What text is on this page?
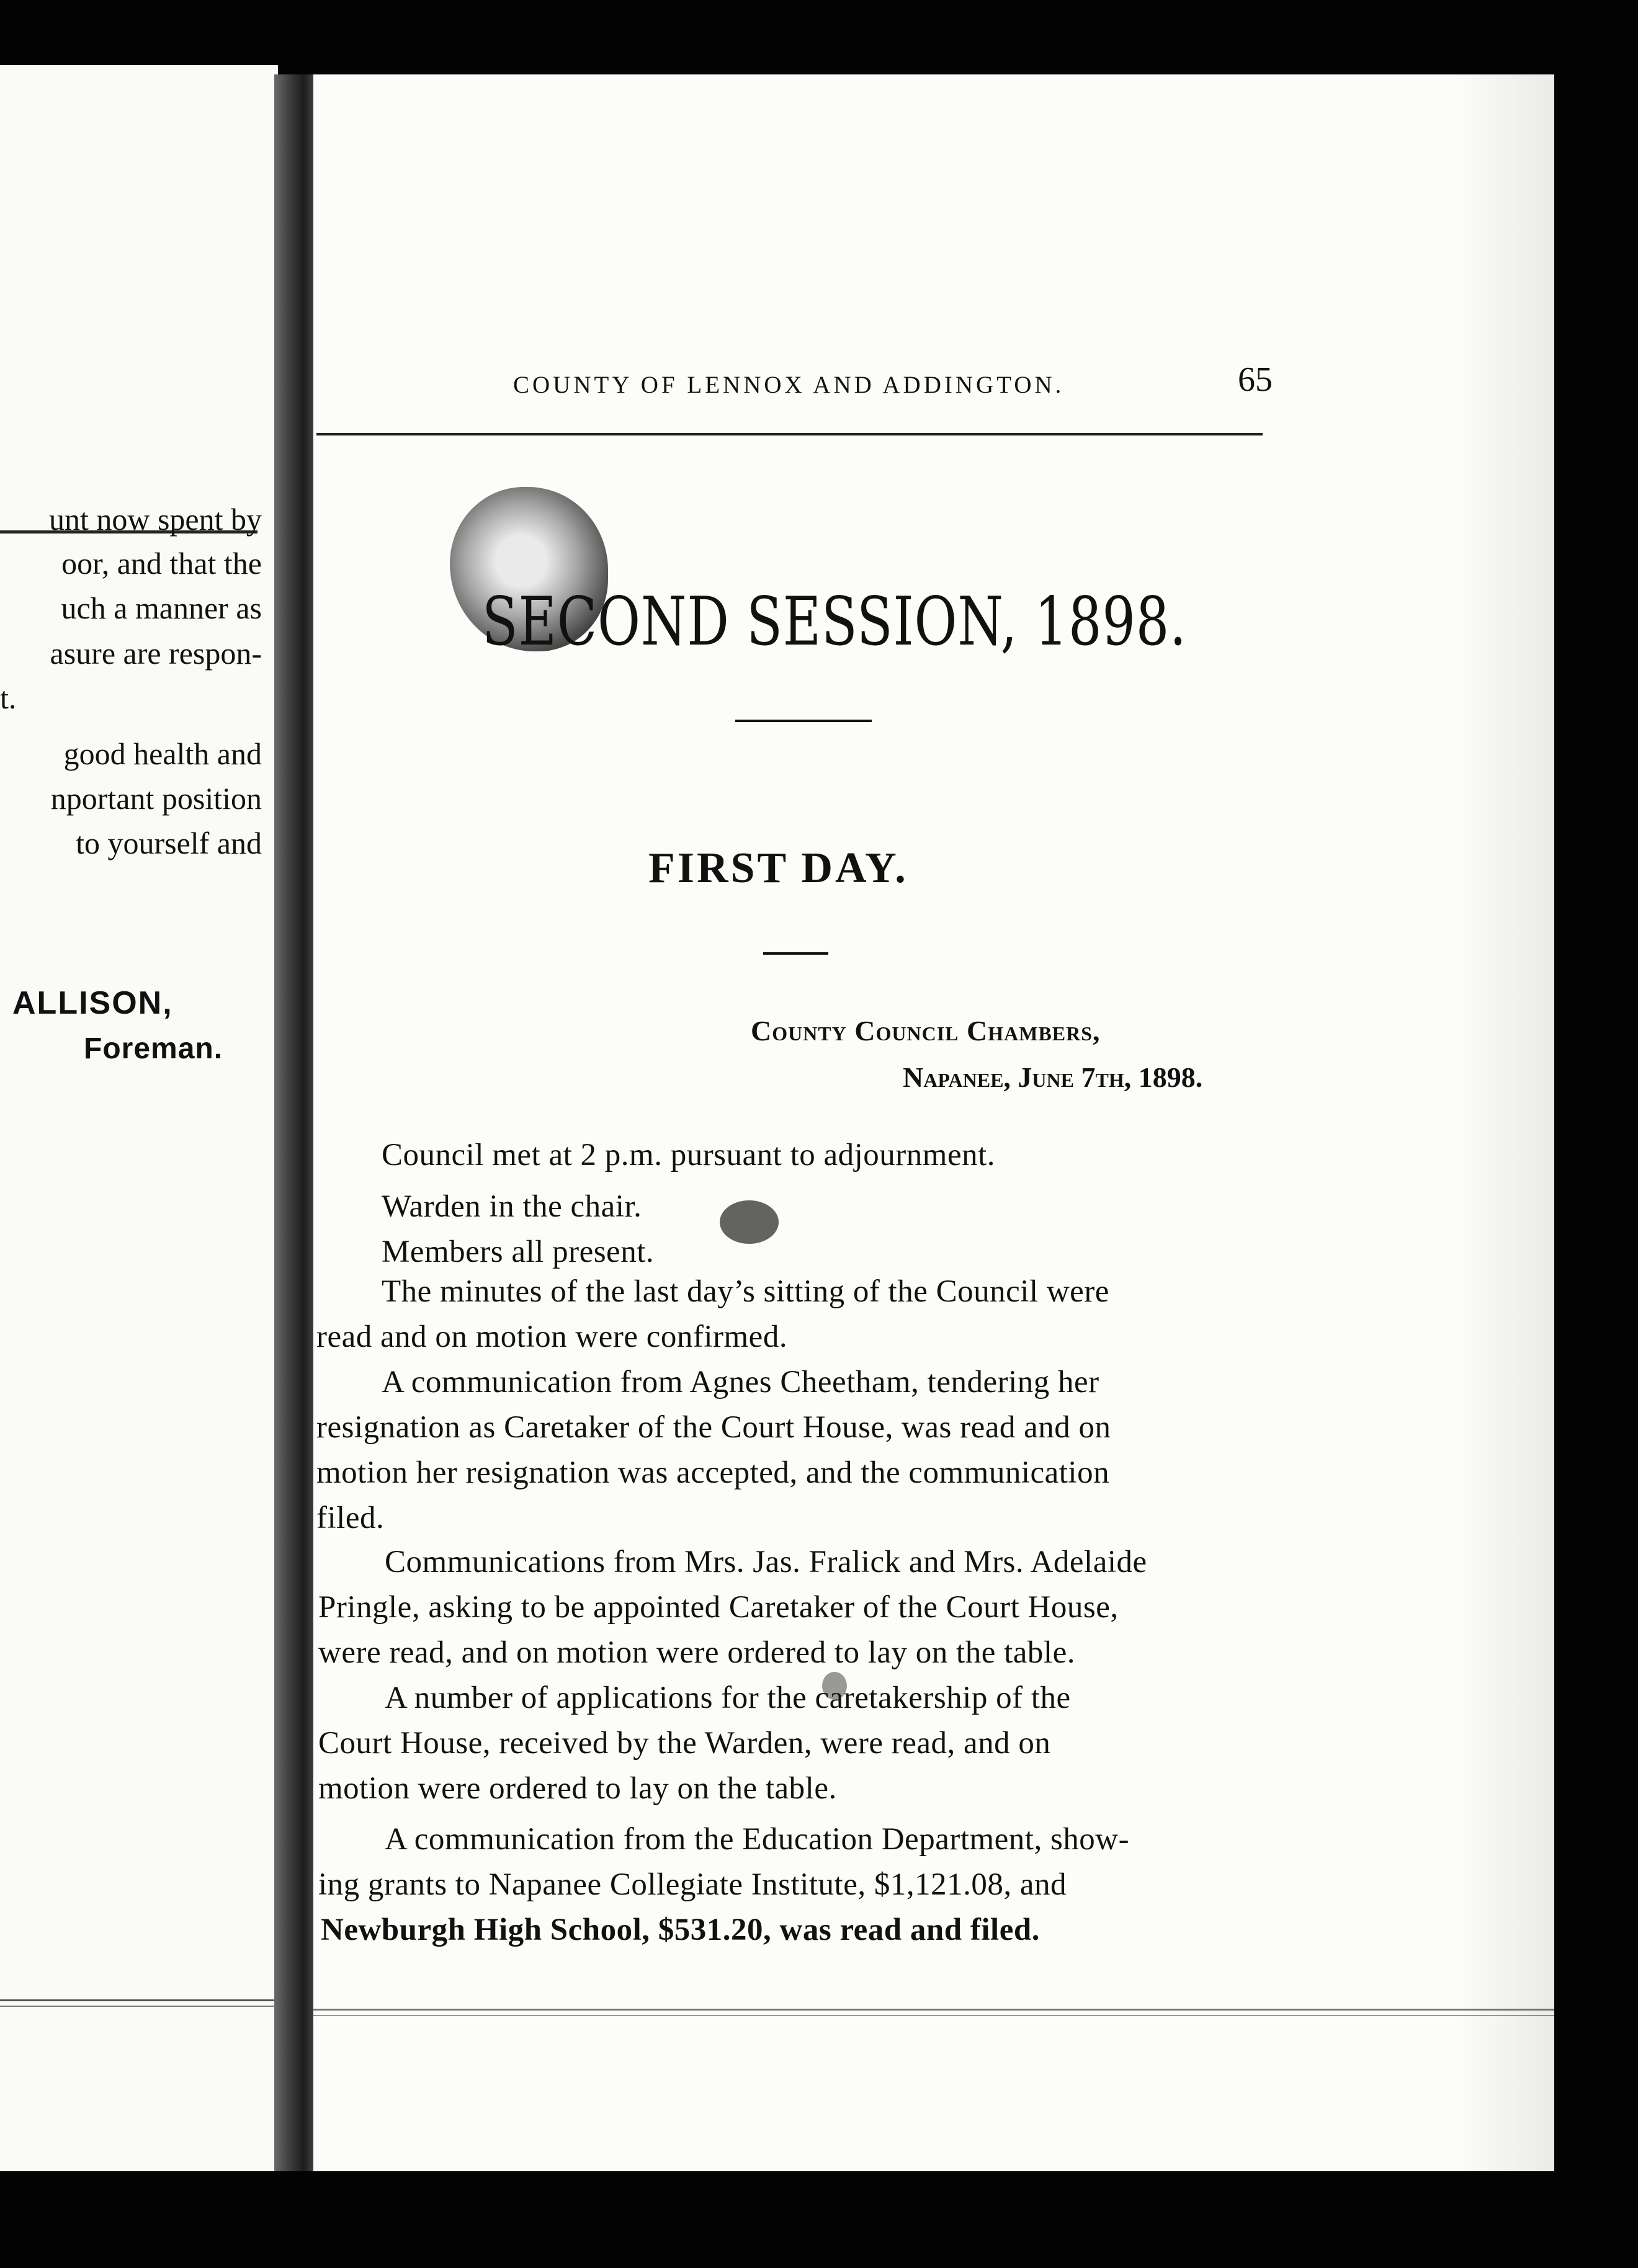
unt now spent by
oor, and that the
uch a manner as
asure are respon-
t.
good health and
nportant position
to yourself and
ALLISON,
Foreman.
COUNTY OF LENNOX AND ADDINGTON.	65
SECOND SESSION, 1898.
FIRST DAY.
County Council Chambers,
Napanee, June 7th, 1898.
Council met at 2 p.m. pursuant to adjournment.
Warden in the chair.
Members all present.
The minutes of the last day’s sitting of the Council were
read and on motion were confirmed.
A communication from Agnes Cheetham, tendering her
resignation as Caretaker of the Court House, was read and on
motion her resignation was accepted, and the communication
filed.
Communications from Mrs. Jas. Fralick and Mrs. Adelaide
Pringle, asking to be appointed Caretaker of the Court House,
were read, and on motion were ordered to lay on the table.
A number of applications for the caretakership of the
Court House, received by the Warden, were read, and on
motion were ordered to lay on the table.
A communication from the Education Department, show-
ing grants to Napanee Collegiate Institute, $1,121.08, and
Newburgh High School, $531.20, was read and filed.
